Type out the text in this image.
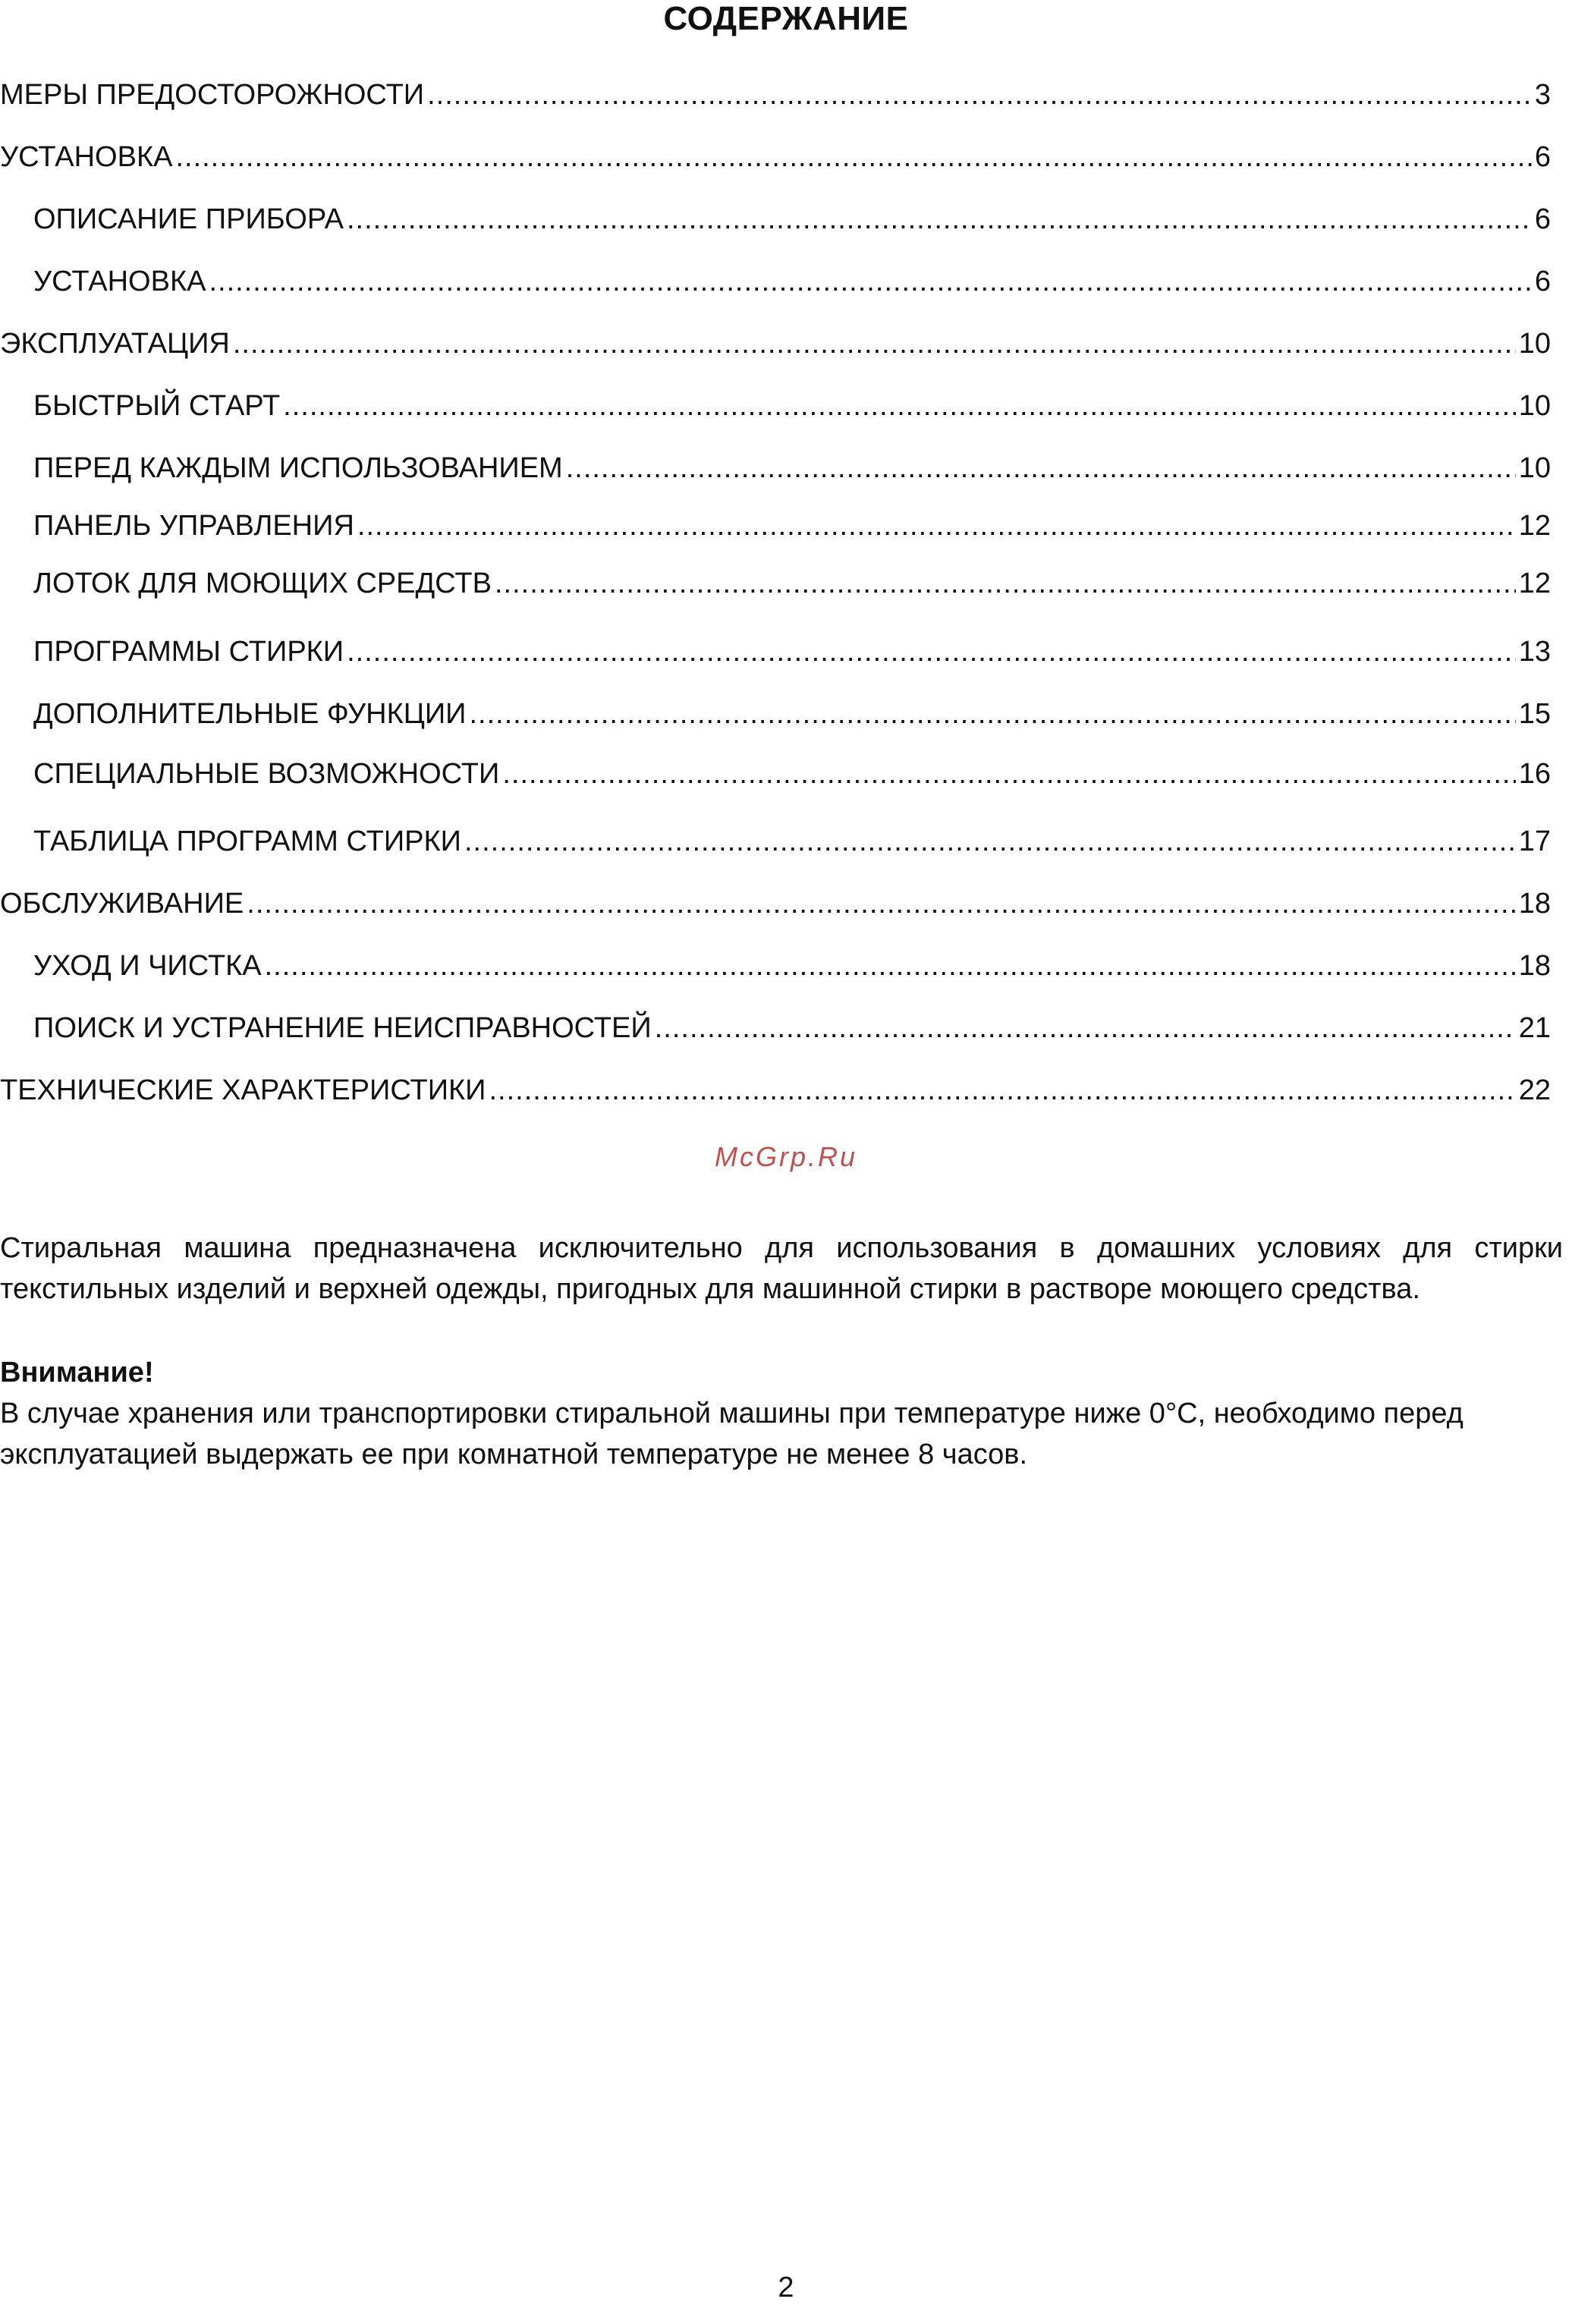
СОДЕРЖАНИЕ
МЕРЫ ПРЕДОСТОРОЖНОСТИ .....	3
УСТАНОВКА .....	6
ОПИСАНИЕ ПРИБОРА .....	6
УСТАНОВКА .....	6
ЭКСПЛУАТАЦИЯ .....	10
БЫСТРЫЙ СТАРТ .....	10
ПЕРЕД КАЖДЫМ ИСПОЛЬЗОВАНИЕМ .....	10
ПАНЕЛЬ УПРАВЛЕНИЯ .....	12
ЛОТОК ДЛЯ МОЮЩИХ СРЕДСТВ .....	12
ПРОГРАММЫ СТИРКИ .....	13
ДОПОЛНИТЕЛЬНЫЕ ФУНКЦИИ .....	15
СПЕЦИАЛЬНЫЕ ВОЗМОЖНОСТИ .....	16
ТАБЛИЦА ПРОГРАММ СТИРКИ .....	17
ОБСЛУЖИВАНИЕ .....	18
УХОД И ЧИСТКА .....	18
ПОИСК И УСТРАНЕНИЕ НЕИСПРАВНОСТЕЙ .....	21
ТЕХНИЧЕСКИЕ ХАРАКТЕРИСТИКИ .....	22
McGrp.Ru

Стиральная машина предназначена исключительно для использования в домашних условиях для стирки текстильных изделий и верхней одежды, пригодных для машинной стирки в растворе моющего средства.

Внимание!

В случае хранения или транспортировки стиральной машины при температуре ниже 0°С, необходимо перед эксплуатацией выдержать ее при комнатной температуре не менее 8 часов.

2
